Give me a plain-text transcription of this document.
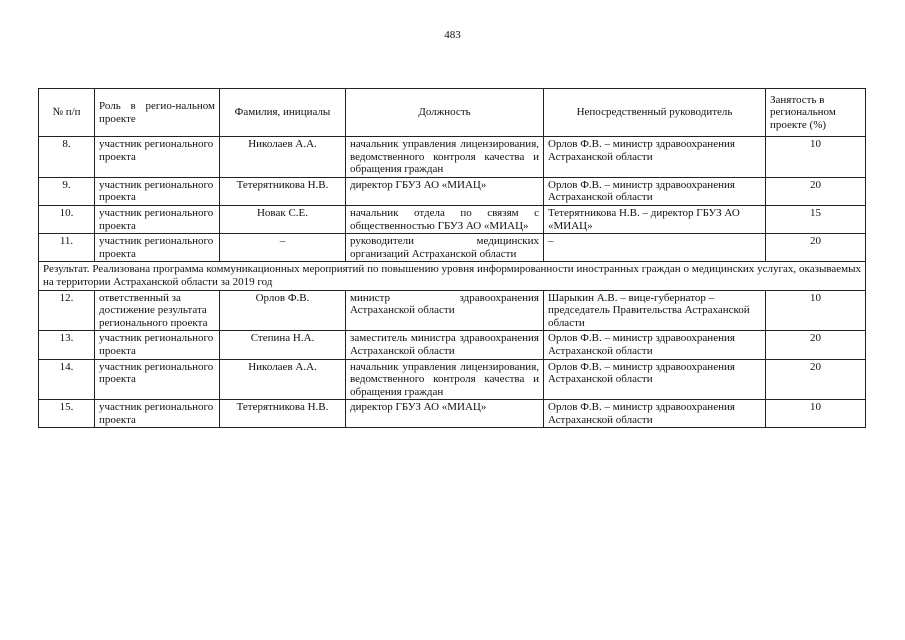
483
№ п/п	Роль в регио-нальном проекте	Фамилия, инициалы	Должность	Непосредственный руководитель	Занятость в региональном проекте (%)
8.	участник регионального проекта	Николаев А.А.	начальник управления лицензирования, ведомственного контроля качества и обращения граждан	Орлов Ф.В. – министр здравоохранения Астраханской области	10
9.	участник регионального проекта	Тетерятникова Н.В.	директор ГБУЗ АО «МИАЦ»	Орлов Ф.В. – министр здравоохранения Астраханской области	20
10.	участник регионального проекта	Новак С.Е.	начальник отдела по связям с общественностью ГБУЗ АО «МИАЦ»	Тетерятникова Н.В. – директор ГБУЗ АО «МИАЦ»	15
11.	участник регионального проекта	–	руководители медицинских организаций Астраханской области	–	20
Результат. Реализована программа коммуникационных мероприятий по повышению уровня информированности иностранных граждан о медицинских услугах, оказываемых на территории Астраханской области за 2019 год					
12.	ответственный за достижение результата регионального проекта	Орлов Ф.В.	министр здравоохранения Астраханской области	Шарыкин А.В. – вице-губернатор – председатель Правительства Астраханской области	10
13.	участник регионального проекта	Степина Н.А.	заместитель министра здравоохранения Астраханской области	Орлов Ф.В. – министр здравоохранения Астраханской области	20
14.	участник регионального проекта	Николаев А.А.	начальник управления лицензирования, ведомственного контроля качества и обращения граждан	Орлов Ф.В. – министр здравоохранения Астраханской области	20
15.	участник регионального проекта	Тетерятникова Н.В.	директор ГБУЗ АО «МИАЦ»	Орлов Ф.В. – министр здравоохранения Астраханской области	10
